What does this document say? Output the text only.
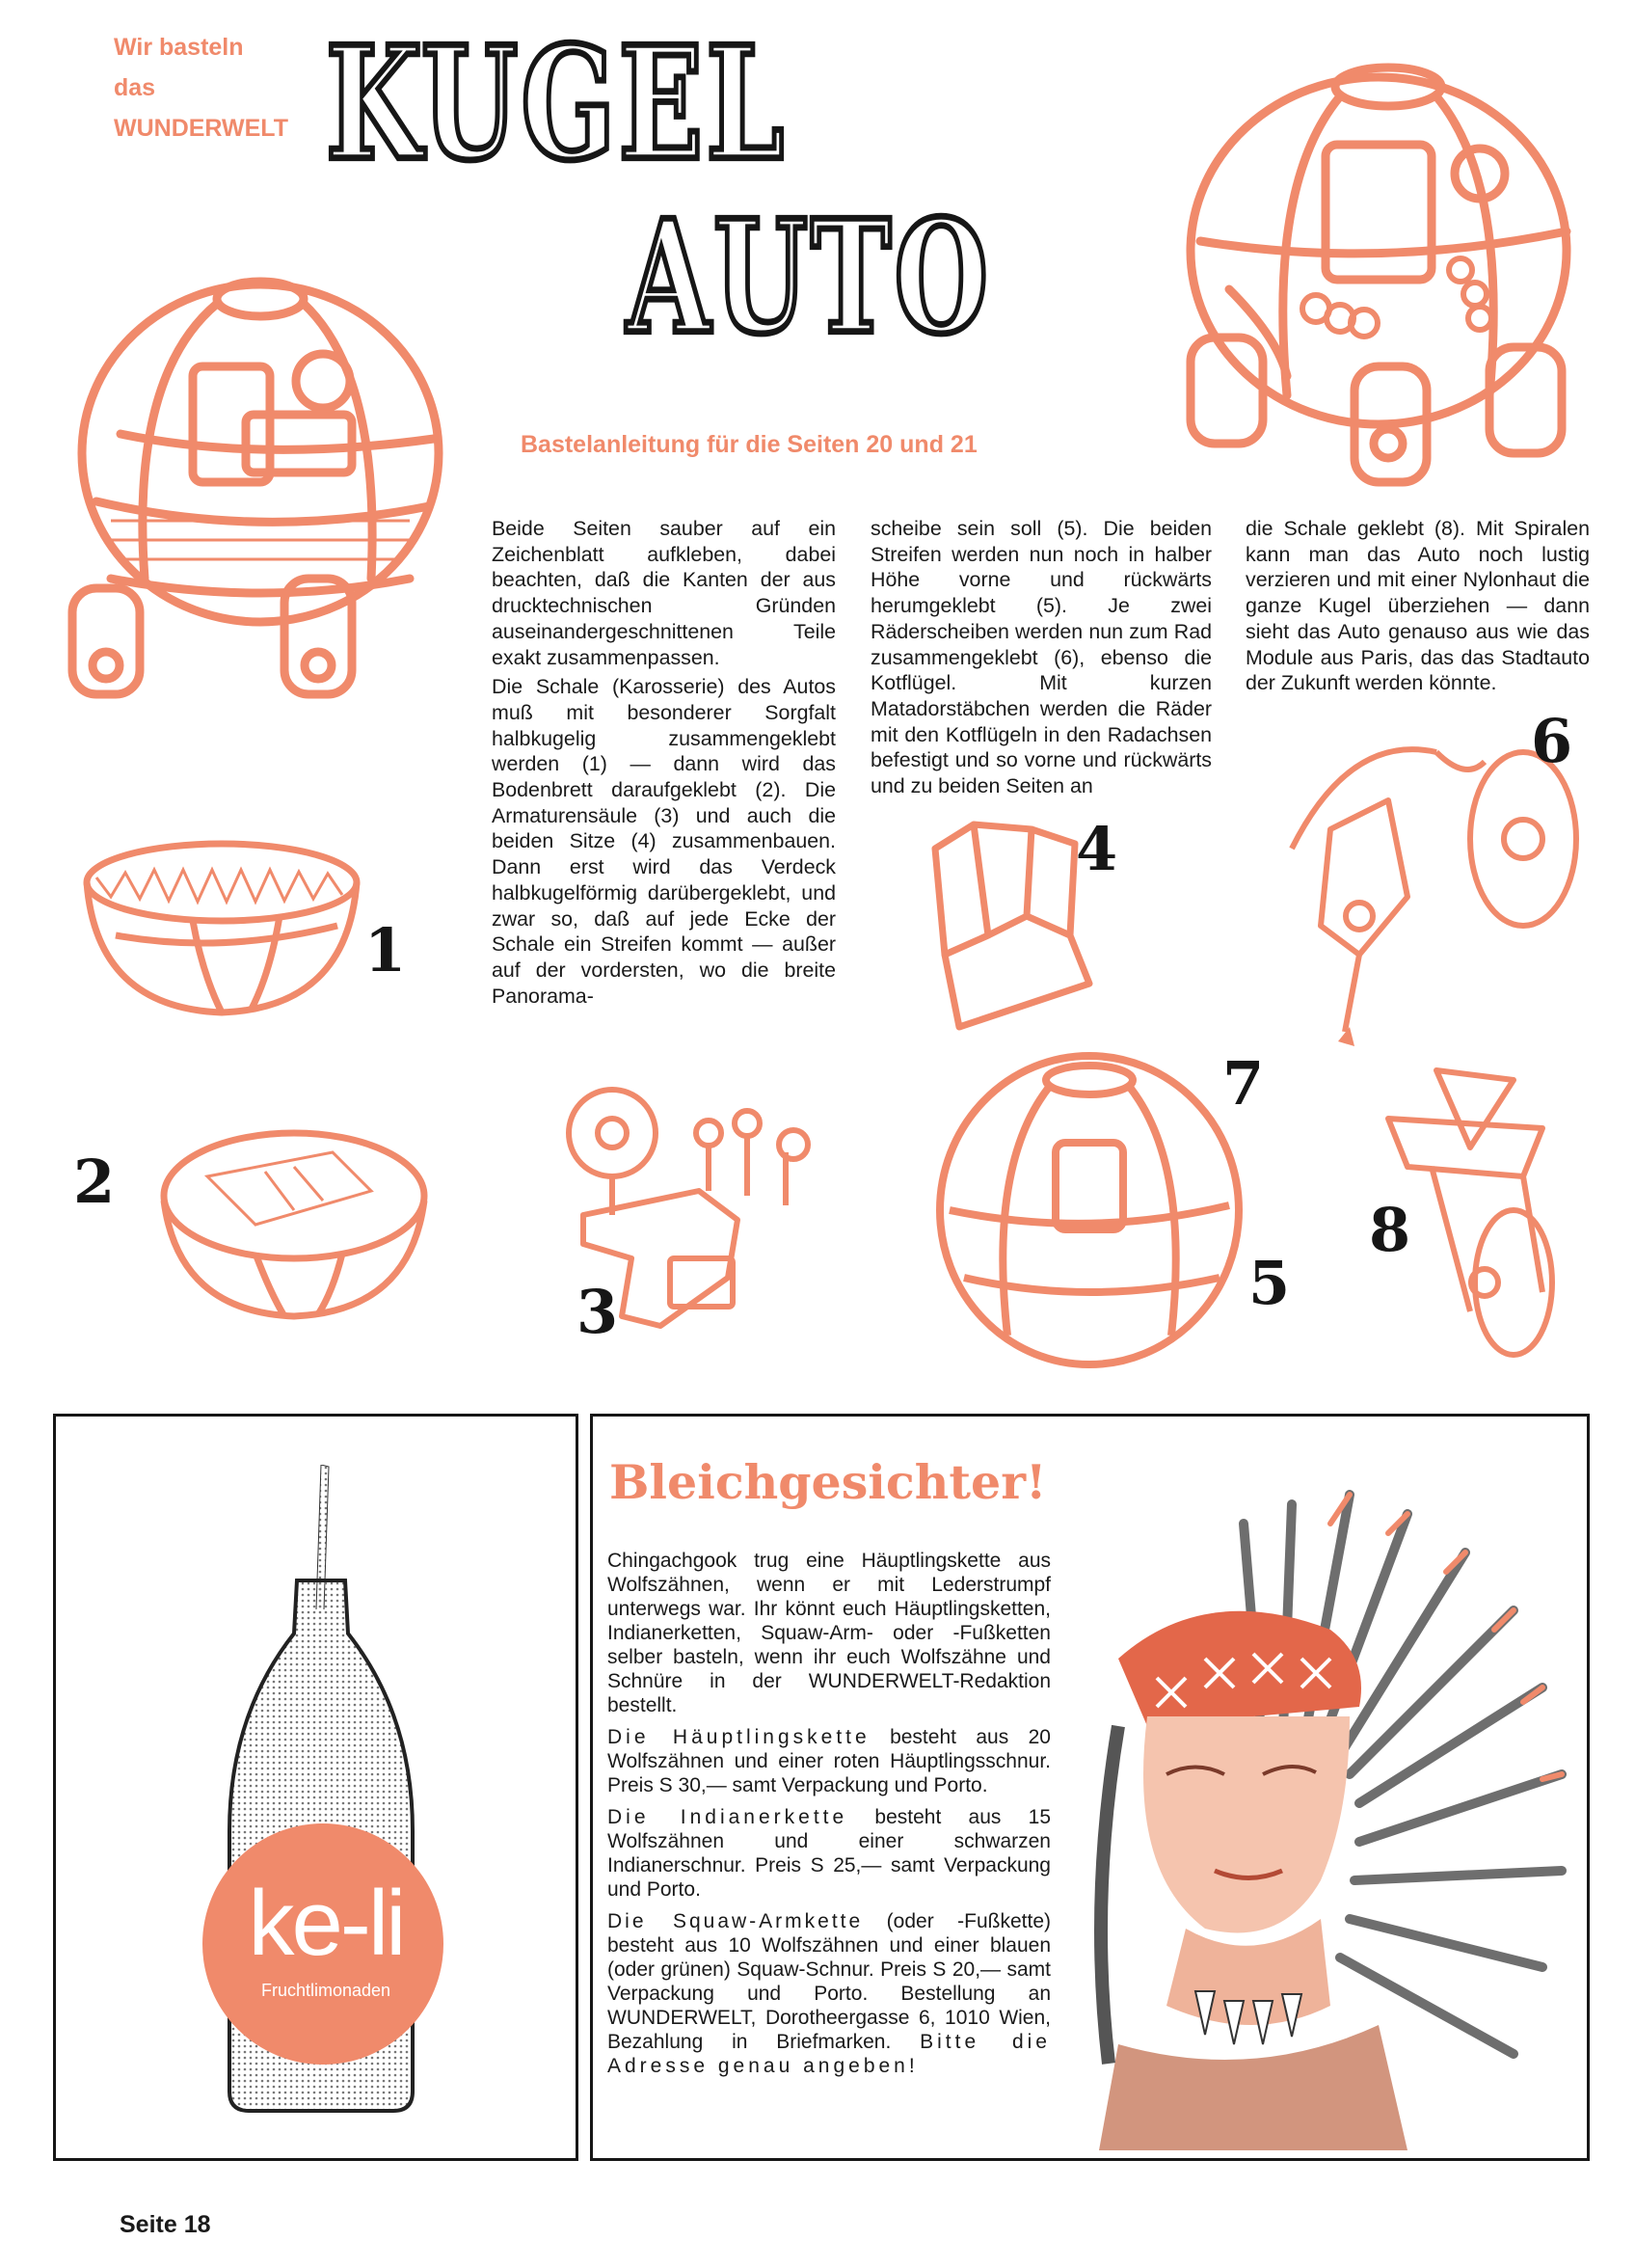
Wir basteln
das
WUNDERWELT KUGEL
AUTO
Bastelanleitung für die Seiten 20 und 21

Beide Seiten sauber auf ein Zeichenblatt aufkleben, dabei beachten, daß die Kanten der aus drucktechnischen Gründen auseinandergeschnittenen Teile exakt zusammenpassen.

Die Schale (Karosserie) des Autos muß mit besonderer Sorgfalt halbkugelig zusammengeklebt werden (1) — dann wird das Bodenbrett daraufgeklebt (2). Die Armaturensäule (3) und auch die beiden Sitze (4) zusammenbauen. Dann erst wird das Verdeck halbkugelförmig darübergeklebt, und zwar so, daß auf jede Ecke der Schale ein Streifen kommt — außer auf der vordersten, wo die breite Panorama-

scheibe sein soll (5). Die beiden Streifen werden nun noch in halber Höhe vorne und rückwärts herumgeklebt (5). Je zwei Räderscheiben werden nun zum Rad zusammengeklebt (6), ebenso die Kotflügel. Mit kurzen Matadorstäbchen werden die Räder mit den Kotflügeln in den Radachsen befestigt und so vorne und rückwärts und zu beiden Seiten an

die Schale geklebt (8). Mit Spiralen kann man das Auto noch lustig verzieren und mit einer Nylonhaut die ganze Kugel überziehen — dann sieht das Auto genauso aus wie das Module aus Paris, das das Stadtauto der Zukunft werden könnte.

1
2
3
4
6
7
5
8
ke-li
Fruchtlimonaden
Bleichgesichter!

Chingachgook trug eine Häuptlingskette aus Wolfszähnen, wenn er mit Lederstrumpf unterwegs war. Ihr könnt euch Häuptlingsketten, Indianerketten, Squaw-Arm- oder -Fußketten selber basteln, wenn ihr euch Wolfszähne und Schnüre in der WUNDERWELT-Redaktion bestellt.

Die Häuptlingskette besteht aus 20 Wolfszähnen und einer roten Häuptlingsschnur. Preis S 30,— samt Verpackung und Porto.

Die Indianerkette besteht aus 15 Wolfszähnen und einer schwarzen Indianerschnur. Preis S 25,— samt Verpackung und Porto.

Die Squaw-Armkette (oder -Fußkette) besteht aus 10 Wolfszähnen und einer blauen (oder grünen) Squaw-Schnur. Preis S 20,— samt Verpackung und Porto. Bestellung an WUNDERWELT, Dorotheergasse 6, 1010 Wien, Bezahlung in Briefmarken. Bitte die Adresse genau angeben!

Seite 18
